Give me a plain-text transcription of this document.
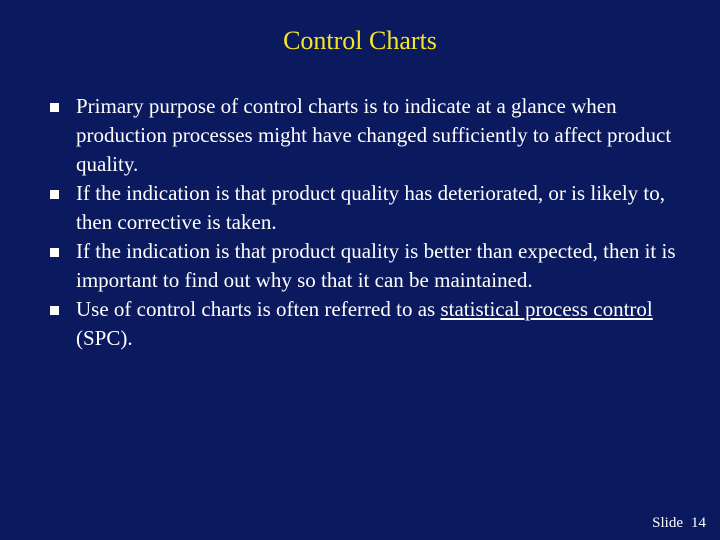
Control Charts
Primary purpose of control charts is to indicate at a glance when production processes might have changed sufficiently to affect product quality.
If the indication is that product quality has deteriorated, or is likely to, then corrective is taken.
If the indication is that product quality is better than expected, then it is important to find out why so that it can be maintained.
Use of control charts is often referred to as statistical process control (SPC).
Slide 14
